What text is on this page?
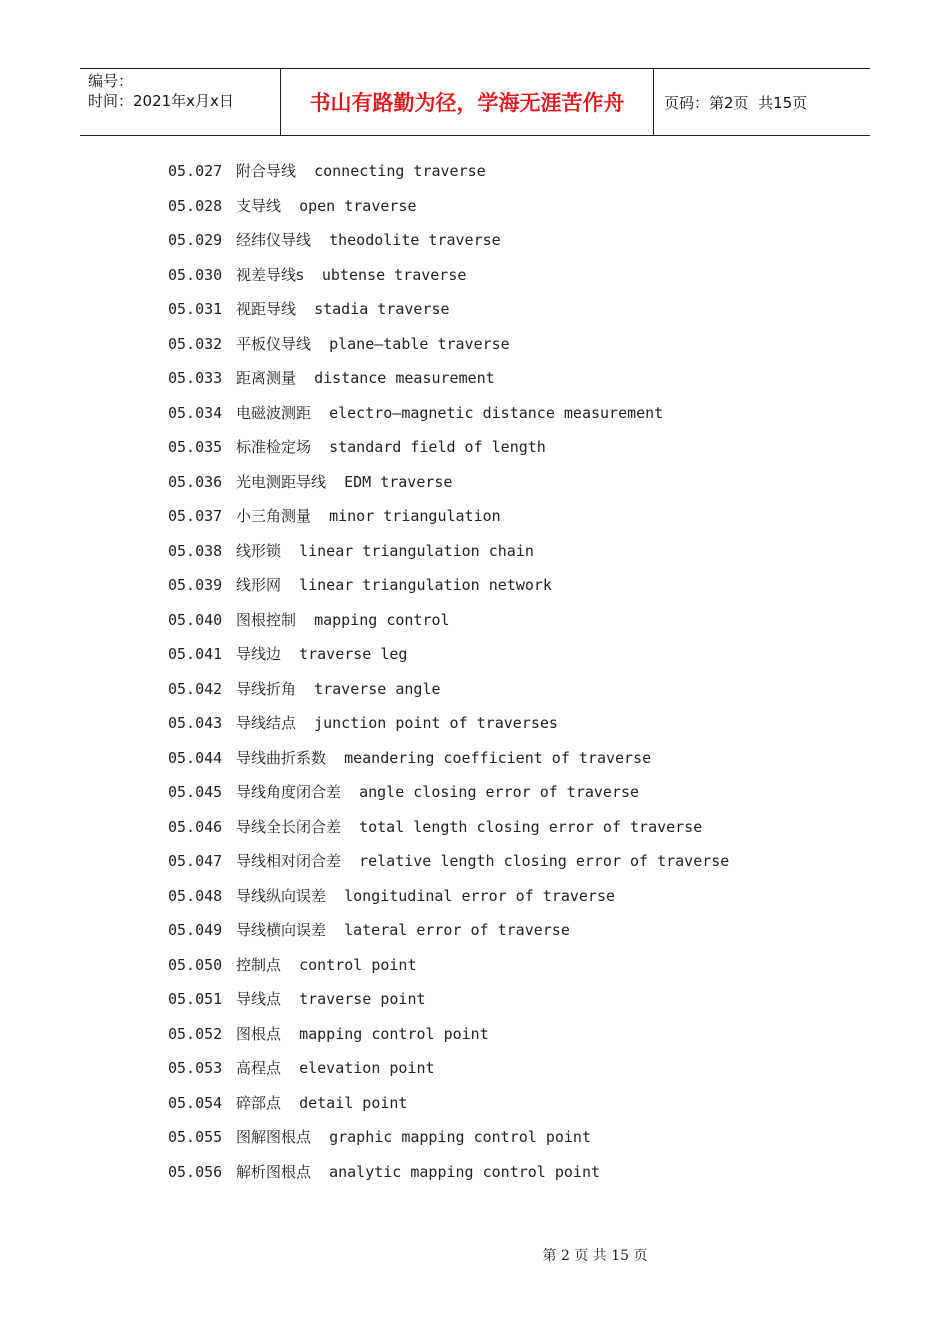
编号：
时间：2021年x月x日	书山有路勤为径，学海无涯苦作舟	页码：第2页  共15页
05.027 附合导线 connecting traverse
05.028 支导线 open traverse
05.029 经纬仪导线 theodolite traverse
05.030 视差导线s ubtense traverse
05.031 视距导线 stadia traverse
05.032 平板仪导线 plane—table traverse
05.033 距离测量 distance measurement
05.034 电磁波测距 electro—magnetic distance measurement
05.035 标准检定场 standard field of length
05.036 光电测距导线 EDM traverse
05.037 小三角测量 minor triangulation
05.038 线形锁 linear triangulation chain
05.039 线形网 linear triangulation network
05.040 图根控制 mapping control
05.041 导线边 traverse leg
05.042 导线折角 traverse angle
05.043 导线结点 junction point of traverses
05.044 导线曲折系数 meandering coefficient of traverse
05.045 导线角度闭合差 angle closing error of traverse
05.046 导线全长闭合差 total length closing error of traverse
05.047 导线相对闭合差 relative length closing error of traverse
05.048 导线纵向误差 longitudinal error of traverse
05.049 导线横向误差 lateral error of traverse
05.050 控制点 control point
05.051 导线点 traverse point
05.052 图根点 mapping control point
05.053 高程点 elevation point
05.054 碎部点 detail point
05.055 图解图根点 graphic mapping control point
05.056 解析图根点 analytic mapping control point
第 2 页 共 15 页
